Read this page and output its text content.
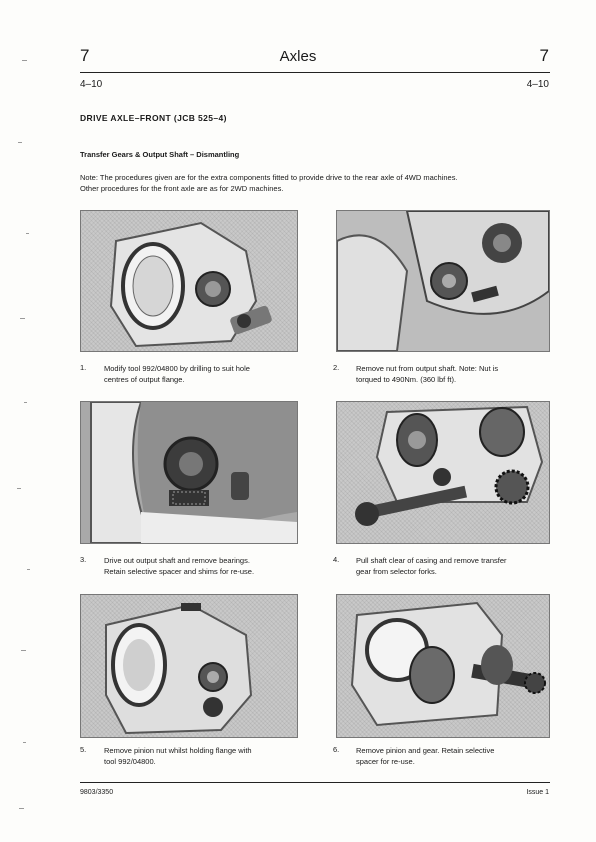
7	Axles	7
4–10	4–10
DRIVE AXLE–FRONT (JCB 525–4)
Transfer Gears & Output Shaft – Dismantling
Note: The procedures given are for the extra components fitted to provide drive to the rear axle of 4WD machines.
Other procedures for the front axle are as for 2WD machines.
1. Modify tool 992/04800 by drilling to suit hole
centres of output flange.
2. Remove nut from output shaft. Note: Nut is
torqued to 490Nm. (360 lbf ft).
3. Drive out output shaft and remove bearings.
Retain selective spacer and shims for re-use.
4. Pull shaft clear of casing and remove transfer
gear from selector forks.
5. Remove pinion nut whilst holding flange with
tool 992/04800.
6. Remove pinion and gear. Retain selective
spacer for re-use.
9803/3350	Issue 1
